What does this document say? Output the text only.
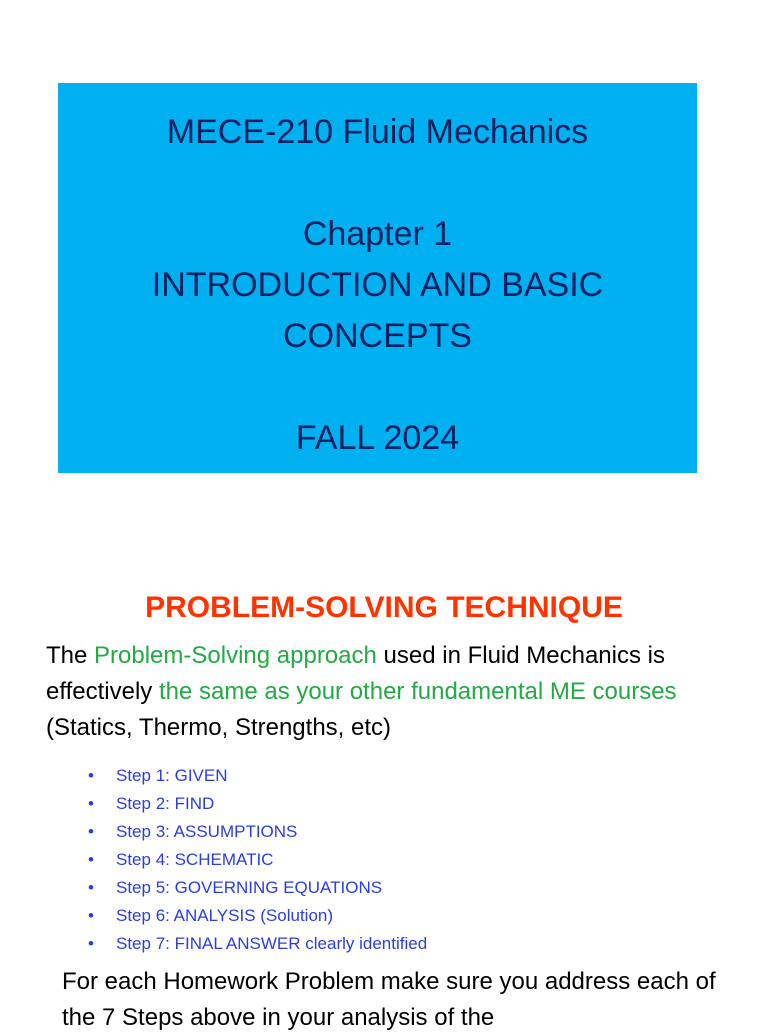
MECE-210 Fluid Mechanics
Chapter 1
INTRODUCTION AND BASIC
CONCEPTS
FALL 2024
PROBLEM-SOLVING TECHNIQUE
The Problem-Solving approach used in Fluid Mechanics is effectively the same as your other fundamental ME courses (Statics, Thermo, Strengths, etc)
•	Step 1: GIVEN
•	Step 2: FIND
•	Step 3: ASSUMPTIONS
•	Step 4: SCHEMATIC
•	Step 5: GOVERNING EQUATIONS
•	Step 6: ANALYSIS (Solution)
•	Step 7: FINAL ANSWER clearly identified
For each Homework Problem make sure you address each of the 7 Steps above in your analysis of the
